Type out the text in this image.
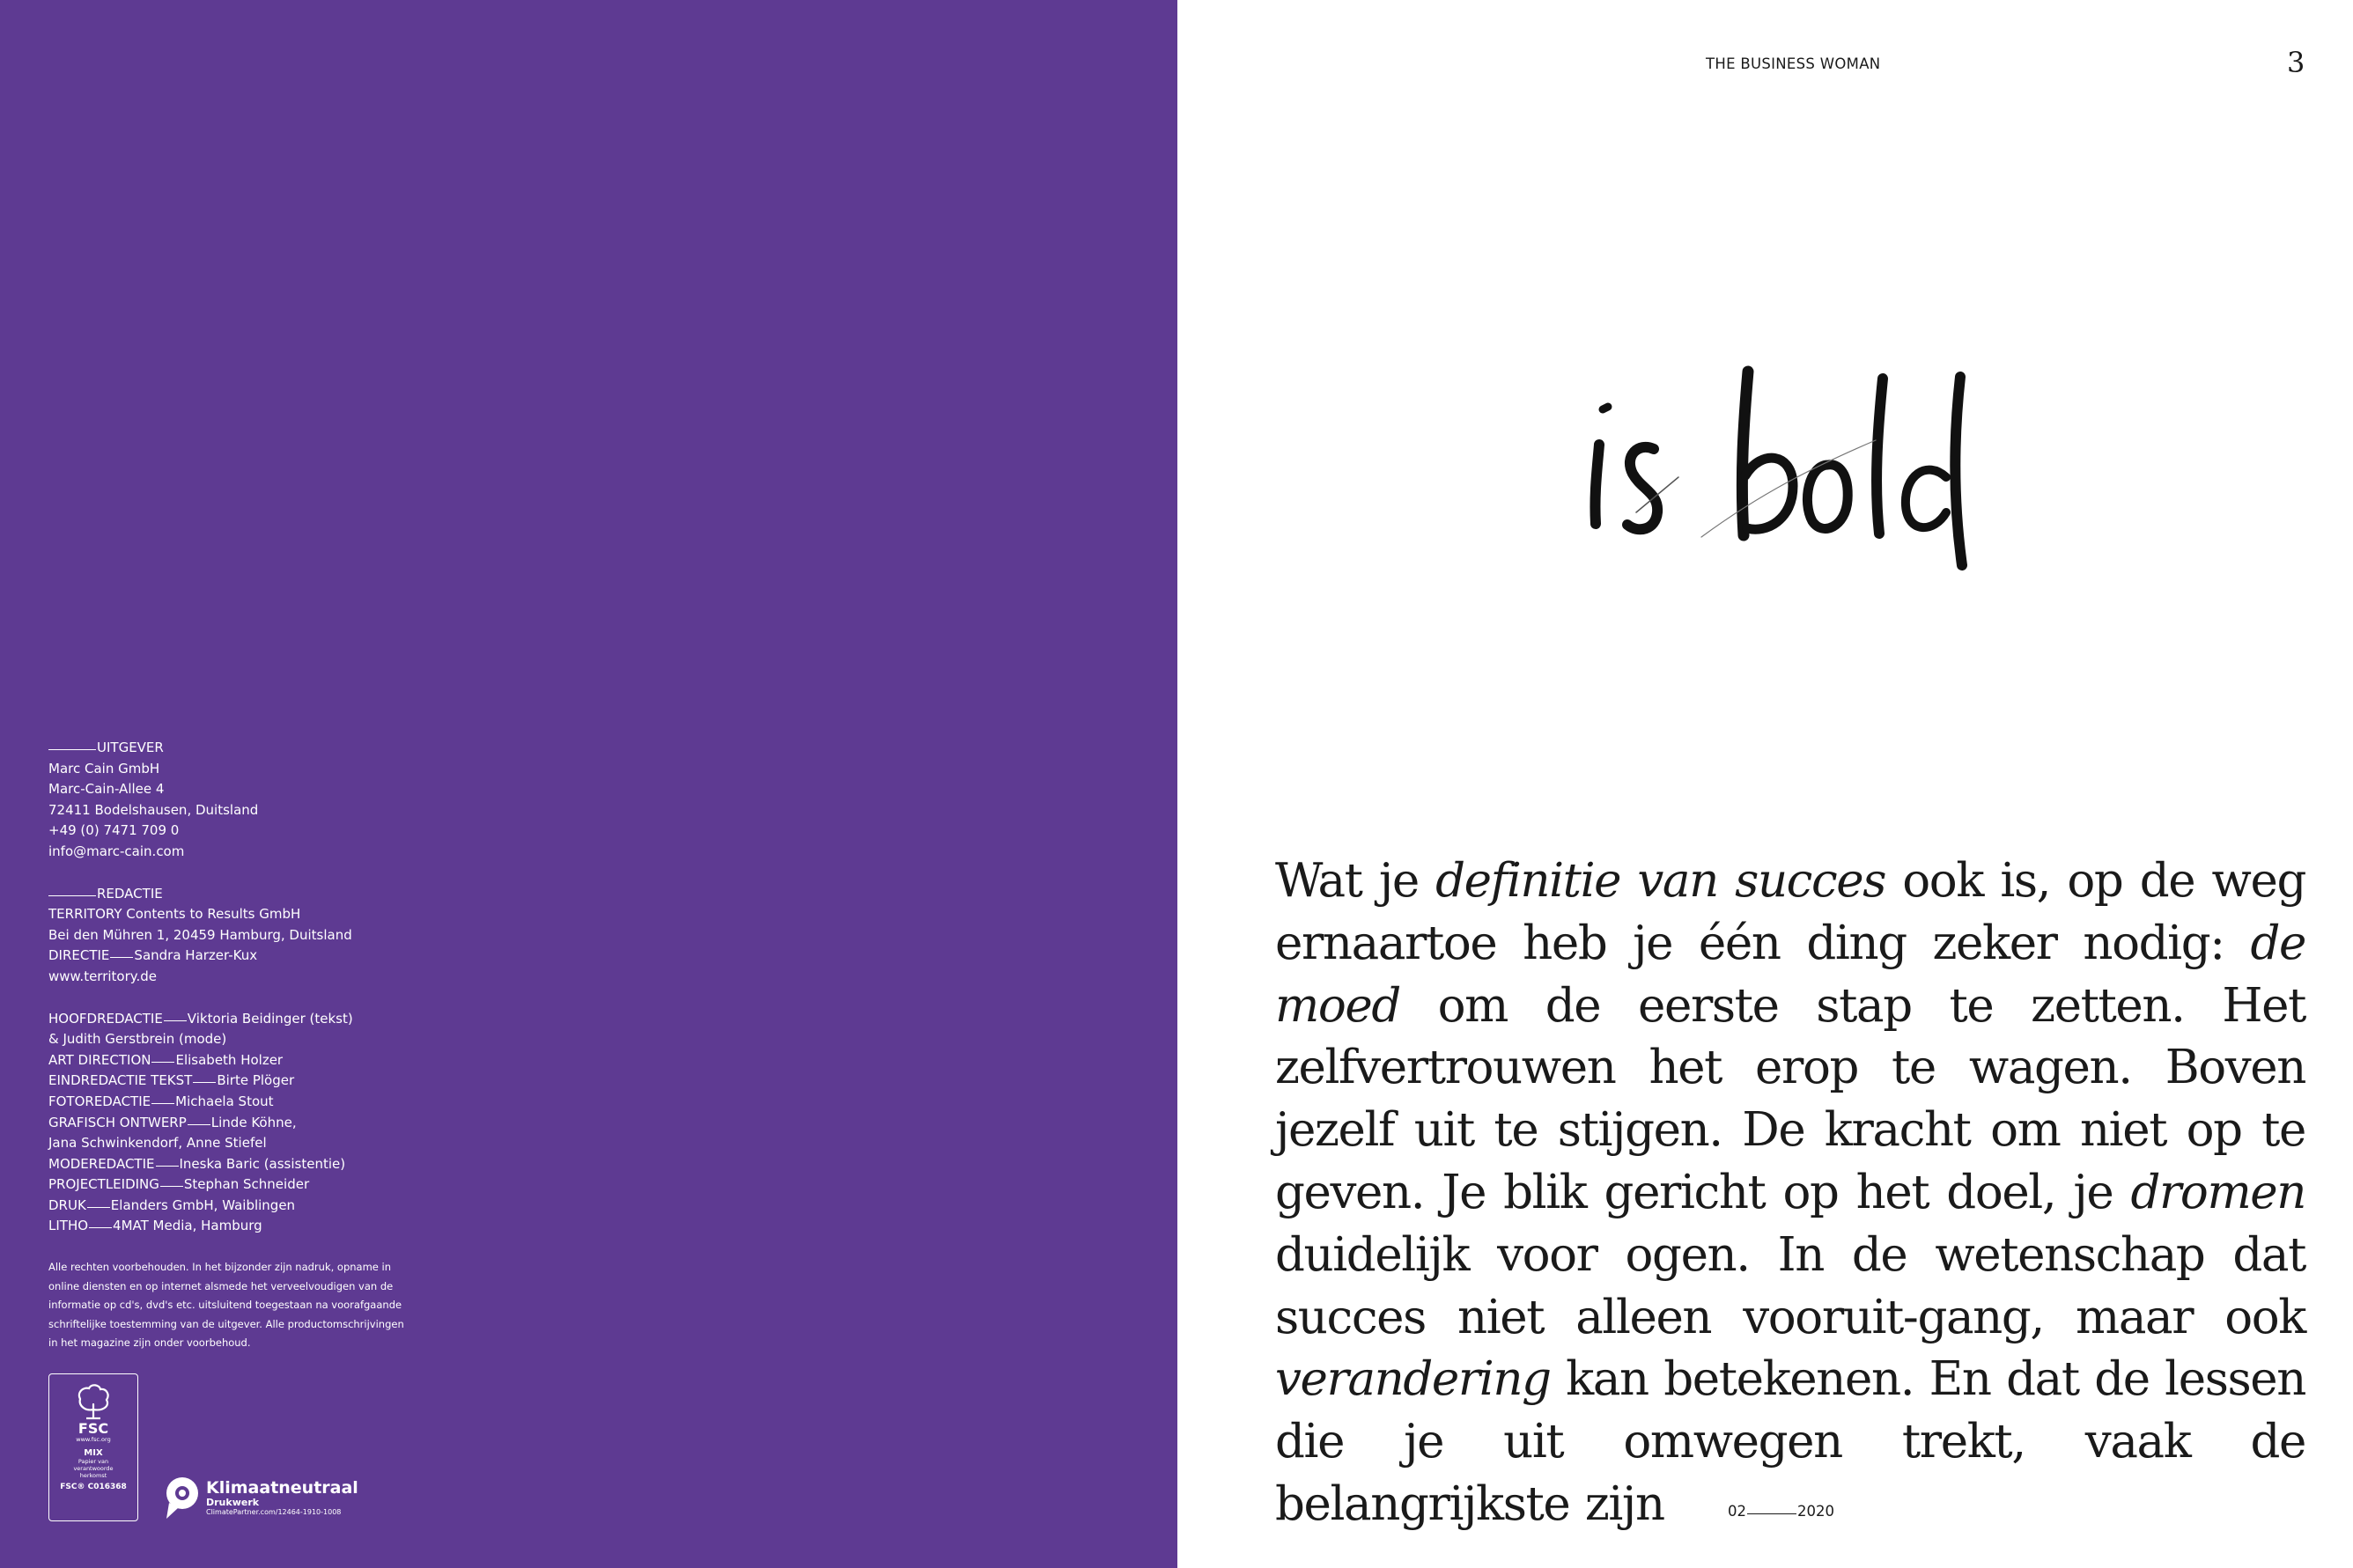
UITGEVER
Marc Cain GmbH
Marc-Cain-Allee 4
72411 Bodelshausen, Duitsland
+49 (0) 7471 709 0
info@marc-cain.com
REDACTIE
TERRITORY Contents to Results GmbH
Bei den Mühren 1, 20459 Hamburg, Duitsland
DIRECTIE Sandra Harzer-Kux
www.territory.de
HOOFDREDACTIE Viktoria Beidinger (tekst)
& Judith Gerstbrein (mode)
ART DIRECTION Elisabeth Holzer
EINDREDACTIE TEKST Birte Plöger
FOTOREDACTIE Michaela Stout
GRAFISCH ONTWERP Linde Köhne,
Jana Schwinkendorf, Anne Stiefel
MODEREDACTIE Ineska Baric (assistentie)
PROJECTLEIDING Stephan Schneider
DRUK Elanders GmbH, Waiblingen
LITHO 4MAT Media, Hamburg
Alle rechten voorbehouden. In het bijzonder zijn nadruk, opname in
online diensten en op internet alsmede het verveelvoudigen van de
informatie op cd's, dvd's etc. uitsluitend toegestaan na voorafgaande
schriftelijke toestemming van de uitgever. Alle productomschrijvingen
in het magazine zijn onder voorbehoud.
FSC
www.fsc.org
MIX
Papier van
verantwoorde
herkomst
FSC® C016368	Klimaatneutraal
Drukwerk
ClimatePartner.com/12464-1910-1008
THE BUSINESS WOMAN	3
Wat je definitie van succes ook is, op de weg ernaartoe heb je één ding zeker nodig: de moed om de eerste stap te zetten. Het zelfvertrouwen het erop te wagen. Boven jezelf uit te stijgen. De kracht om niet op te geven. Je blik gericht op het doel, je dromen duidelijk voor ogen. In de wetenschap dat succes niet alleen vooruit-gang, maar ook verandering kan betekenen. En dat de lessen die je uit omwegen trekt, vaak de belangrijkste zijn	02	2020
